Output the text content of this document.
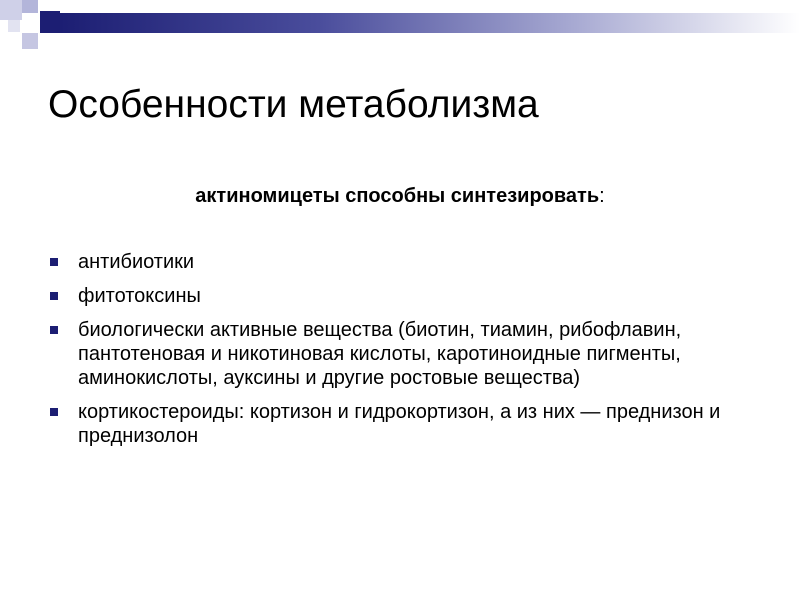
Особенности метаболизма
актиномицеты способны синтезировать:
антибиотики
фитотоксины
биологически активные вещества (биотин, тиамин, рибофлавин, пантотеновая и никотиновая кислоты, каротиноидные пигменты, аминокислоты, ауксины и другие ростовые вещества)
кортикостероиды: кортизон и гидрокортизон, а из них — преднизон и преднизолон
